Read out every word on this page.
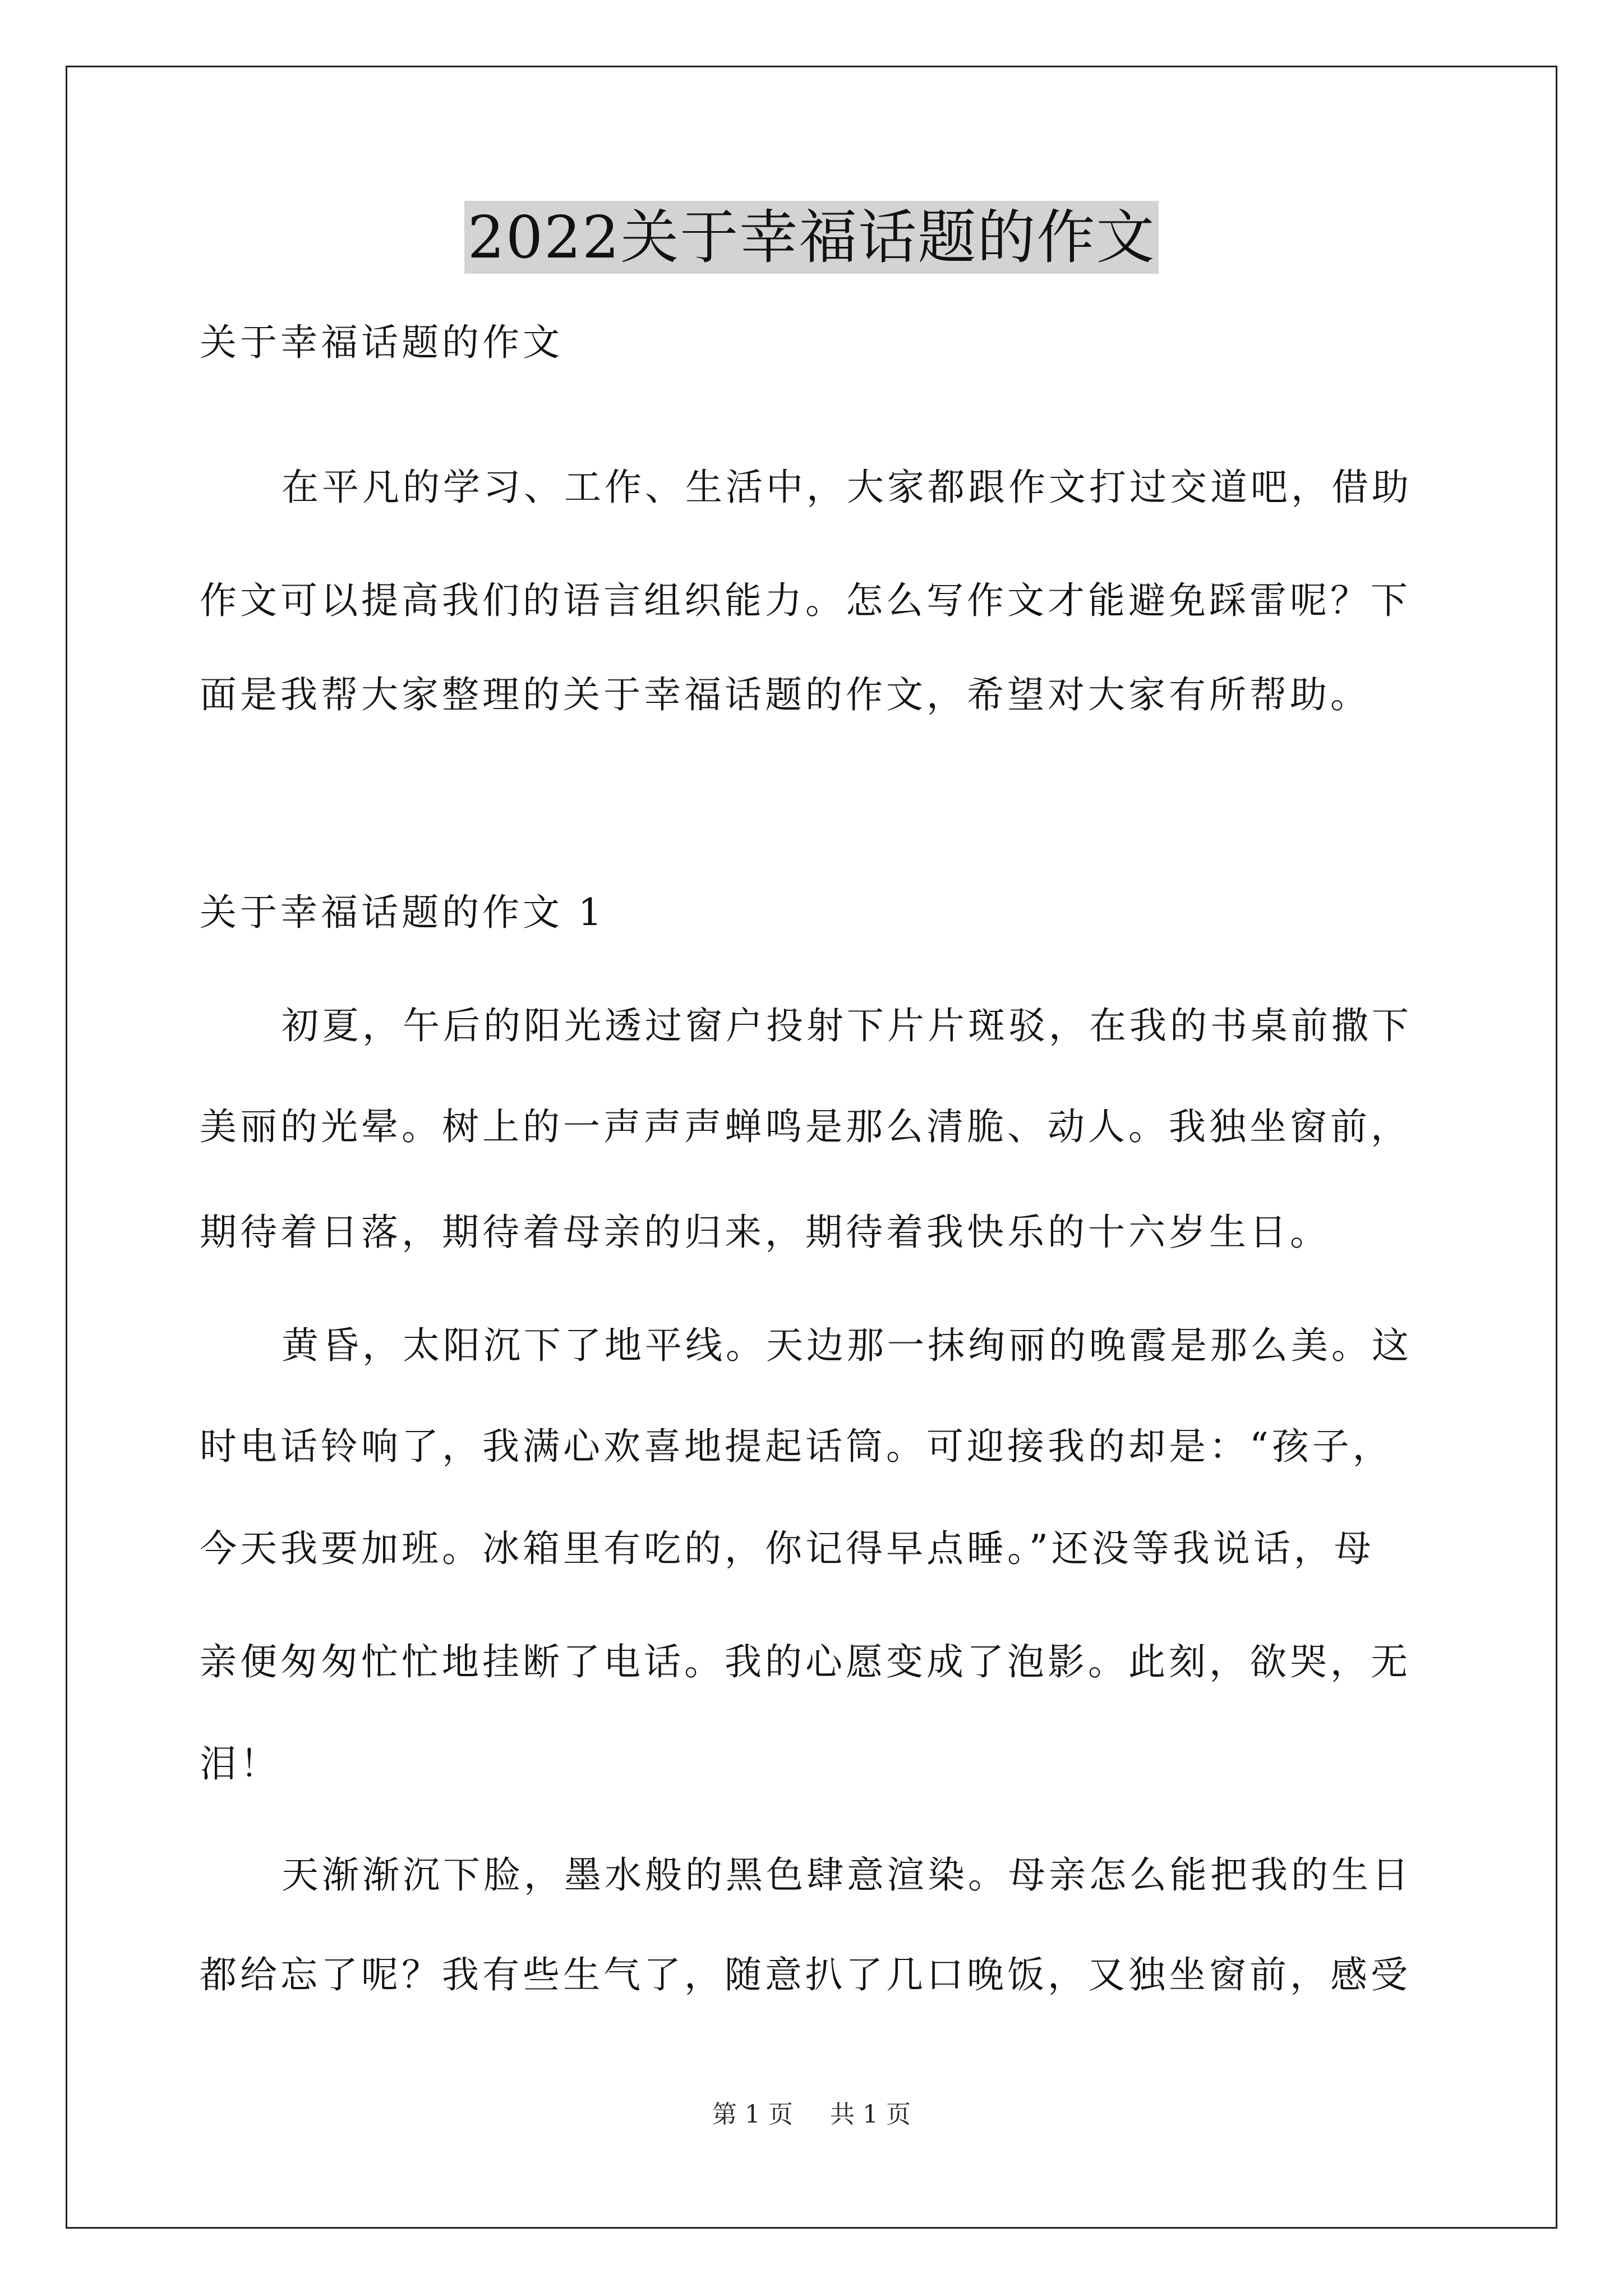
2022关于幸福话题的作文
关于幸福话题的作文
在平凡的学习、工作、生活中，大家都跟作文打过交道吧，借助
作文可以提高我们的语言组织能力。怎么写作文才能避免踩雷呢？下
面是我帮大家整理的关于幸福话题的作文，希望对大家有所帮助。
关于幸福话题的作文 1
初夏，午后的阳光透过窗户投射下片片斑驳，在我的书桌前撒下
美丽的光晕。树上的一声声声蝉鸣是那么清脆、动人。我独坐窗前，
期待着日落，期待着母亲的归来，期待着我快乐的十六岁生日。
黄昏，太阳沉下了地平线。天边那一抹绚丽的晚霞是那么美。这
时电话铃响了，我满心欢喜地提起话筒。可迎接我的却是：“孩子，
今天我要加班。冰箱里有吃的，你记得早点睡。”还没等我说话，母
亲便匆匆忙忙地挂断了电话。我的心愿变成了泡影。此刻，欲哭，无
泪！
天渐渐沉下脸，墨水般的黑色肆意渲染。母亲怎么能把我的生日
都给忘了呢？我有些生气了，随意扒了几口晚饭，又独坐窗前，感受
第 1 页 共 1 页
